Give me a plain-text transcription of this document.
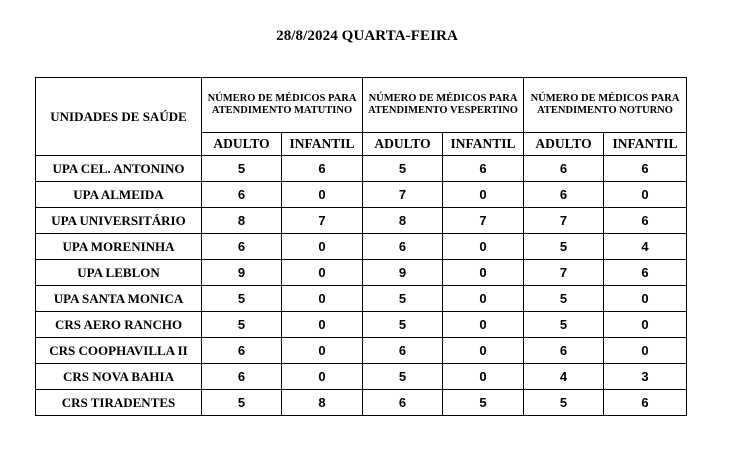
28/8/2024 QUARTA-FEIRA
UNIDADES DE SAÚDE	NÚMERO DE MÉDICOS PARA ATENDIMENTO MATUTINO		NÚMERO DE MÉDICOS PARA ATENDIMENTO VESPERTINO		NÚMERO DE MÉDICOS PARA ATENDIMENTO NOTURNO	
	ADULTO	INFANTIL	ADULTO	INFANTIL	ADULTO	INFANTIL
UPA CEL. ANTONINO	5	6	5	6	6	6
UPA ALMEIDA	6	0	7	0	6	0
UPA UNIVERSITÁRIO	8	7	8	7	7	6
UPA MORENINHA	6	0	6	0	5	4
UPA LEBLON	9	0	9	0	7	6
UPA SANTA MONICA	5	0	5	0	5	0
CRS AERO RANCHO	5	0	5	0	5	0
CRS COOPHAVILLA II	6	0	6	0	6	0
CRS NOVA BAHIA	6	0	5	0	4	3
CRS TIRADENTES	5	8	6	5	5	6
